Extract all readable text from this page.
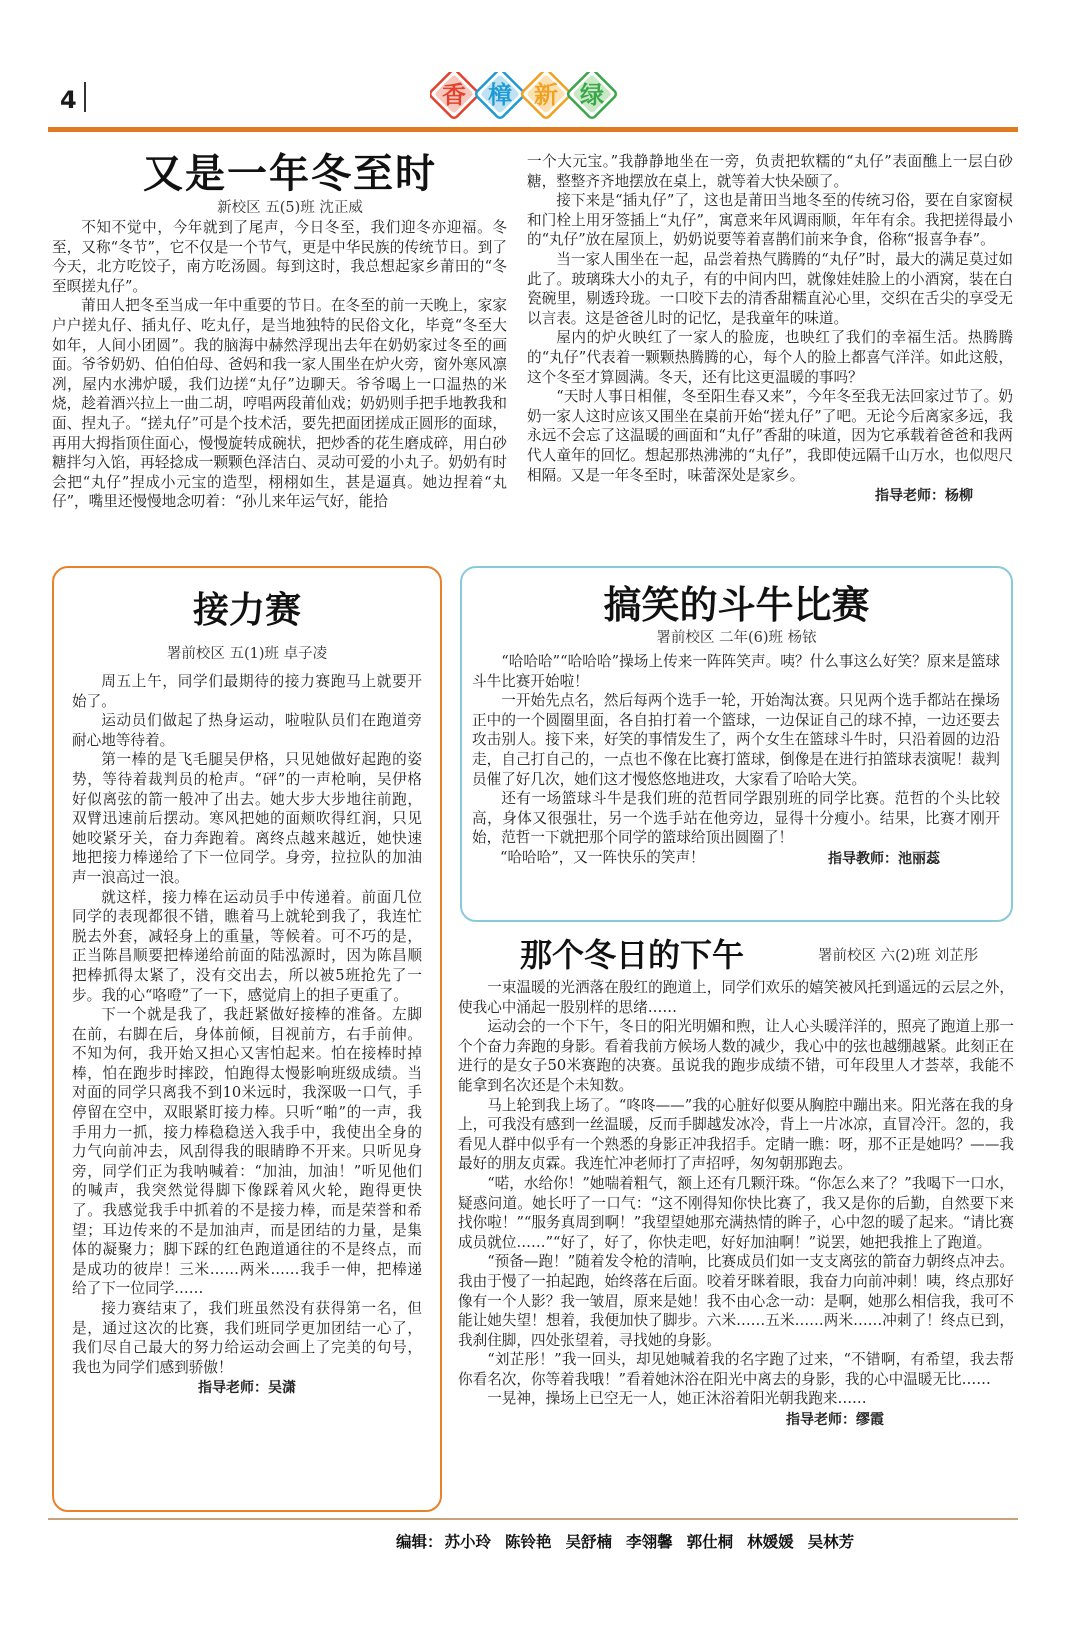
4	香 樟 新 绿
又是一年冬至时
新校区 五(5)班 沈正威

不知不觉中，今年就到了尾声，今日冬至，我们迎冬亦迎福。冬至，又称“冬节”，它不仅是一个节气，更是中华民族的传统节日。到了今天，北方吃饺子，南方吃汤圆。每到这时，我总想起家乡莆田的“冬至暝搓丸仔”。

莆田人把冬至当成一年中重要的节日。在冬至的前一天晚上，家家户户搓丸仔、插丸仔、吃丸仔，是当地独特的民俗文化，毕竟“冬至大如年，人间小团圆”。我的脑海中赫然浮现出去年在奶奶家过冬至的画面。爷爷奶奶、伯伯伯母、爸妈和我一家人围坐在炉火旁，窗外寒风凛冽，屋内水沸炉暖，我们边搓“丸仔”边聊天。爷爷喝上一口温热的米烧，趁着酒兴拉上一曲二胡，哼唱两段莆仙戏；奶奶则手把手地教我和面、捏丸子。“搓丸仔”可是个技术活，要先把面团搓成正圆形的面球，再用大拇指顶住面心，慢慢旋转成碗状，把炒香的花生磨成碎，用白砂糖拌匀入馅，再轻捻成一颗颗色泽洁白、灵动可爱的小丸子。奶奶有时会把“丸仔”捏成小元宝的造型，栩栩如生，甚是逼真。她边捏着“丸仔”，嘴里还慢慢地念叨着：“孙儿来年运气好，能拾

一个大元宝。”我静静地坐在一旁，负责把软糯的“丸仔”表面醮上一层白砂糖，整整齐齐地摆放在桌上，就等着大快朵颐了。

接下来是“插丸仔”了，这也是莆田当地冬至的传统习俗，要在自家窗棂和门栓上用牙签插上“丸仔”，寓意来年风调雨顺，年年有余。我把搓得最小的“丸仔”放在屋顶上，奶奶说要等着喜鹊们前来争食，俗称“报喜争春”。

当一家人围坐在一起，品尝着热气腾腾的“丸仔”时，最大的满足莫过如此了。玻璃珠大小的丸子，有的中间内凹，就像娃娃脸上的小酒窝，装在白瓷碗里，剔透玲珑。一口咬下去的清香甜糯直沁心里，交织在舌尖的享受无以言表。这是爸爸儿时的记忆，是我童年的味道。

屋内的炉火映红了一家人的脸庞，也映红了我们的幸福生活。热腾腾的“丸仔”代表着一颗颗热腾腾的心，每个人的脸上都喜气洋洋。如此这般，这个冬至才算圆满。冬天，还有比这更温暖的事吗？

“天时人事日相催，冬至阳生春又来”，今年冬至我无法回家过节了。奶奶一家人这时应该又围坐在桌前开始“搓丸仔”了吧。无论今后离家多远，我永远不会忘了这温暖的画面和“丸仔”香甜的味道，因为它承载着爸爸和我两代人童年的回忆。想起那热沸沸的“丸仔”，我即使远隔千山万水，也似咫尺相隔。又是一年冬至时，味蕾深处是家乡。

指导老师：杨柳
接力赛
署前校区 五(1)班 卓子凌

周五上午，同学们最期待的接力赛跑马上就要开始了。

运动员们做起了热身运动，啦啦队员们在跑道旁耐心地等待着。

第一棒的是飞毛腿吴伊格，只见她做好起跑的姿势，等待着裁判员的枪声。“砰”的一声枪响，吴伊格好似离弦的箭一般冲了出去。她大步大步地往前跑，双臂迅速前后摆动。寒风把她的面颊吹得红润，只见她咬紧牙关，奋力奔跑着。离终点越来越近，她快速地把接力棒递给了下一位同学。身旁，拉拉队的加油声一浪高过一浪。

就这样，接力棒在运动员手中传递着。前面几位同学的表现都很不错，瞧着马上就轮到我了，我连忙脱去外套，减轻身上的重量，等候着。可不巧的是，正当陈昌顺要把棒递给前面的陆泓源时，因为陈昌顺把棒抓得太紧了，没有交出去，所以被5班抢先了一步。我的心“咯噔”了一下，感觉肩上的担子更重了。

下一个就是我了，我赶紧做好接棒的准备。左脚在前，右脚在后，身体前倾，目视前方，右手前伸。不知为何，我开始又担心又害怕起来。怕在接棒时掉棒，怕在跑步时摔跤，怕跑得太慢影响班级成绩。当对面的同学只离我不到10米远时，我深吸一口气，手停留在空中，双眼紧盯接力棒。只听“啪”的一声，我手用力一抓，接力棒稳稳送入我手中，我使出全身的力气向前冲去，风刮得我的眼睛睁不开来。只听见身旁，同学们正为我呐喊着：“加油，加油！”听见他们的喊声，我突然觉得脚下像踩着风火轮，跑得更快了。我感觉我手中抓着的不是接力棒，而是荣誉和希望；耳边传来的不是加油声，而是团结的力量，是集体的凝聚力；脚下踩的红色跑道通往的不是终点，而是成功的彼岸！三米……两米……我手一伸，把棒递给了下一位同学……

接力赛结束了，我们班虽然没有获得第一名，但是，通过这次的比赛，我们班同学更加团结一心了，我们尽自己最大的努力给运动会画上了完美的句号，我也为同学们感到骄傲！

指导老师：吴潇
搞笑的斗牛比赛
署前校区 二年(6)班 杨铱

“哈哈哈”“哈哈哈”操场上传来一阵阵笑声。咦？什么事这么好笑？原来是篮球斗牛比赛开始啦！

一开始先点名，然后每两个选手一轮，开始淘汰赛。只见两个选手都站在操场正中的一个圆圈里面，各自拍打着一个篮球，一边保证自己的球不掉，一边还要去攻击别人。接下来，好笑的事情发生了，两个女生在篮球斗牛时，只沿着圆的边沿走，自己打自己的，一点也不像在比赛打篮球，倒像是在进行拍篮球表演呢！裁判员催了好几次，她们这才慢悠悠地进攻，大家看了哈哈大笑。

还有一场篮球斗牛是我们班的范哲同学跟别班的同学比赛。范哲的个头比较高，身体又很强壮，另一个选手站在他旁边，显得十分瘦小。结果，比赛才刚开始，范哲一下就把那个同学的篮球给顶出圆圈了！

“哈哈哈”，又一阵快乐的笑声！	指导教师：池丽蕊
那个冬日的下午	署前校区 六(2)班 刘芷彤

一束温暖的光洒落在殷红的跑道上，同学们欢乐的嬉笑被风托到遥远的云层之外，使我心中涌起一股别样的思绪……

运动会的一个下午，冬日的阳光明媚和煦，让人心头暖洋洋的，照亮了跑道上那一个个奋力奔跑的身影。看着我前方候场人数的减少，我心中的弦也越绷越紧。此刻正在进行的是女子50米赛跑的决赛。虽说我的跑步成绩不错，可年段里人才荟萃，我能不能拿到名次还是个未知数。

马上轮到我上场了。“咚咚——”我的心脏好似要从胸腔中蹦出来。阳光落在我的身上，可我没有感到一丝温暖，反而手脚越发冰冷，背上一片冰凉，直冒冷汗。忽的，我看见人群中似乎有一个熟悉的身影正冲我招手。定睛一瞧：呀，那不正是她吗？——我最好的朋友贞霖。我连忙冲老师打了声招呼，匆匆朝那跑去。

“喏，水给你！”她喘着粗气，额上还有几颗汗珠。“你怎么来了？”我喝下一口水，疑惑问道。她长吁了一口气：“这不刚得知你快比赛了，我又是你的后勤，自然要下来找你啦！”“服务真周到啊！”我望望她那充满热情的眸子，心中忽的暖了起来。“请比赛成员就位……”“好了，好了，你快走吧，好好加油啊！”说罢，她把我推上了跑道。

“预备—跑！”随着发令枪的清响，比赛成员们如一支支离弦的箭奋力朝终点冲去。我由于慢了一拍起跑，始终落在后面。咬着牙眯着眼，我奋力向前冲刺！咦，终点那好像有一个人影？我一皱眉，原来是她！我不由心念一动：是啊，她那么相信我，我可不能让她失望！想着，我便加快了脚步。六米……五米……两米……冲刺了！终点已到，我刹住脚，四处张望着，寻找她的身影。

“刘芷彤！”我一回头，却见她喊着我的名字跑了过来，“不错啊，有希望，我去帮你看名次，你等着我哦！”看着她沐浴在阳光中离去的身影，我的心中温暖无比……

一晃神，操场上已空无一人，她正沐浴着阳光朝我跑来……

指导老师：缪霞
编辑： 苏小玲 陈铃艳 吴舒楠 李翎馨 郭仕桐 林媛媛 吴林芳
